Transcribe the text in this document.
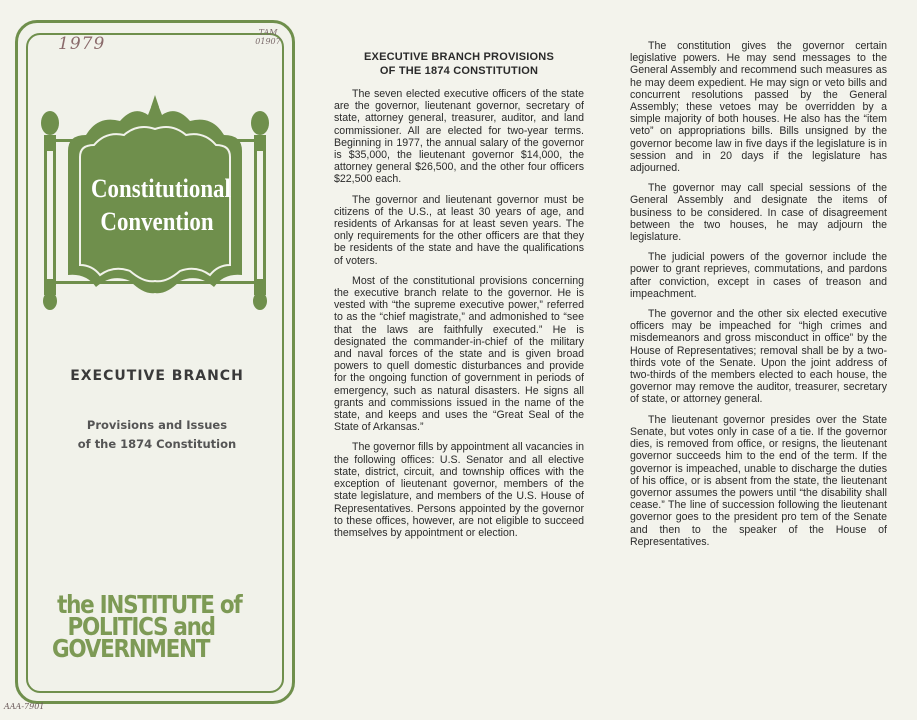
1979
TAM
01907
Constitutional
Convention
EXECUTIVE BRANCH
Provisions and Issues
of the 1874 Constitution
the INSTITUTE of
POLITICS and
GOVERNMENT
AAA-7901
EXECUTIVE BRANCH PROVISIONS
OF THE 1874 CONSTITUTION

The seven elected executive officers of the state are the governor, lieutenant governor, secretary of state, attorney general, treasurer, auditor, and land commissioner. All are elected for two-year terms. Beginning in 1977, the annual salary of the governor is $35,000, the lieutenant governor $14,000, the attorney general $26,500, and the other four officers $22,500 each.

The governor and lieutenant governor must be citizens of the U.S., at least 30 years of age, and residents of Arkansas for at least seven years. The only requirements for the other officers are that they be residents of the state and have the qualifications of voters.

Most of the constitutional provisions concerning the executive branch relate to the governor. He is vested with “the supreme executive power,” referred to as the “chief magistrate,” and admonished to “see that the laws are faithfully executed.” He is designated the commander-in-chief of the military and naval forces of the state and is given broad powers to quell domestic disturbances and provide for the ongoing function of government in periods of emergency, such as natural disasters. He signs all grants and commissions issued in the name of the state, and keeps and uses the “Great Seal of the State of Arkansas.”

The governor fills by appointment all vacancies in the following offices: U.S. Senator and all elective state, district, circuit, and township offices with the exception of lieutenant governor, members of the state legislature, and members of the U.S. House of Representatives. Persons appointed by the governor to these offices, however, are not eligible to succeed themselves by appointment or election.

The constitution gives the governor certain legislative powers. He may send messages to the General Assembly and recommend such measures as he may deem expedient. He may sign or veto bills and concurrent resolutions passed by the General Assembly; these vetoes may be overridden by a simple majority of both houses. He also has the “item veto” on appropriations bills. Bills unsigned by the governor become law in five days if the legislature is in session and in 20 days if the legislature has adjourned.

The governor may call special sessions of the General Assembly and designate the items of business to be considered. In case of disagreement between the two houses, he may adjourn the legislature.

The judicial powers of the governor include the power to grant reprieves, commutations, and pardons after conviction, except in cases of treason and impeachment.

The governor and the other six elected executive officers may be impeached for “high crimes and misdemeanors and gross misconduct in office” by the House of Representatives; removal shall be by a two-thirds vote of the Senate. Upon the joint address of two-thirds of the members elected to each house, the governor may remove the auditor, treasurer, secretary of state, or attorney general.

The lieutenant governor presides over the State Senate, but votes only in case of a tie. If the governor dies, is removed from office, or resigns, the lieutenant governor succeeds him to the end of the term. If the governor is impeached, unable to discharge the duties of his office, or is absent from the state, the lieutenant governor assumes the powers until “the disability shall cease.” The line of succession following the lieutenant governor goes to the president pro tem of the Senate and then to the speaker of the House of Representatives.
